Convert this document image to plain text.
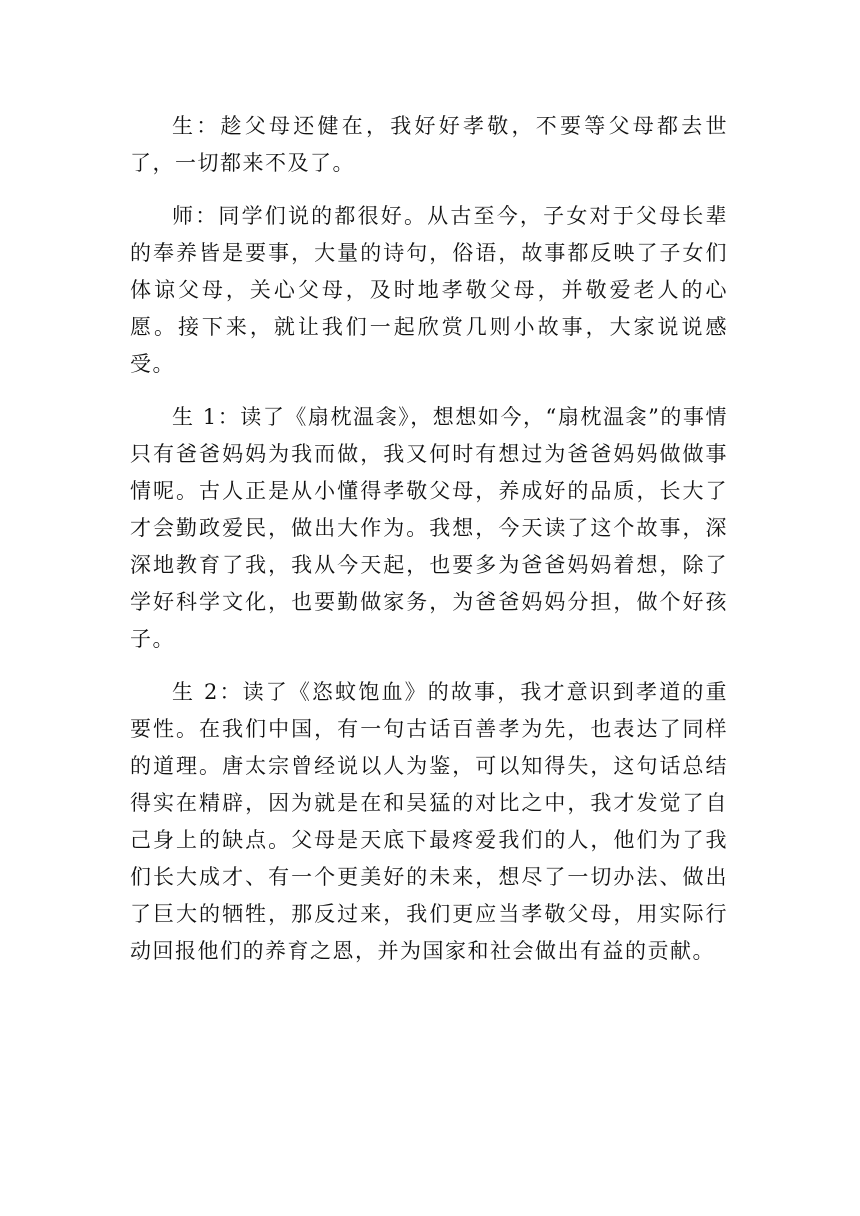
生：趁父母还健在，我好好孝敬，不要等父母都去世了，一切都来不及了。

师：同学们说的都很好。从古至今，子女对于父母长辈的奉养皆是要事，大量的诗句，俗语，故事都反映了子女们体谅父母，关心父母，及时地孝敬父母，并敬爱老人的心愿。接下来，就让我们一起欣赏几则小故事，大家说说感受。

生 1：读了《扇枕温衾》，想想如今，“扇枕温衾”的事情只有爸爸妈妈为我而做，我又何时有想过为爸爸妈妈做做事情呢。古人正是从小懂得孝敬父母，养成好的品质，长大了才会勤政爱民，做出大作为。我想，今天读了这个故事，深深地教育了我，我从今天起，也要多为爸爸妈妈着想，除了学好科学文化，也要勤做家务，为爸爸妈妈分担，做个好孩子。

生 2：读了《恣蚊饱血》的故事，我才意识到孝道的重要性。在我们中国，有一句古话百善孝为先，也表达了同样的道理。唐太宗曾经说以人为鉴，可以知得失，这句话总结得实在精辟，因为就是在和吴猛的对比之中，我才发觉了自己身上的缺点。父母是天底下最疼爱我们的人，他们为了我们长大成才、有一个更美好的未来，想尽了一切办法、做出了巨大的牺牲，那反过来，我们更应当孝敬父母，用实际行动回报他们的养育之恩，并为国家和社会做出有益的贡献。
